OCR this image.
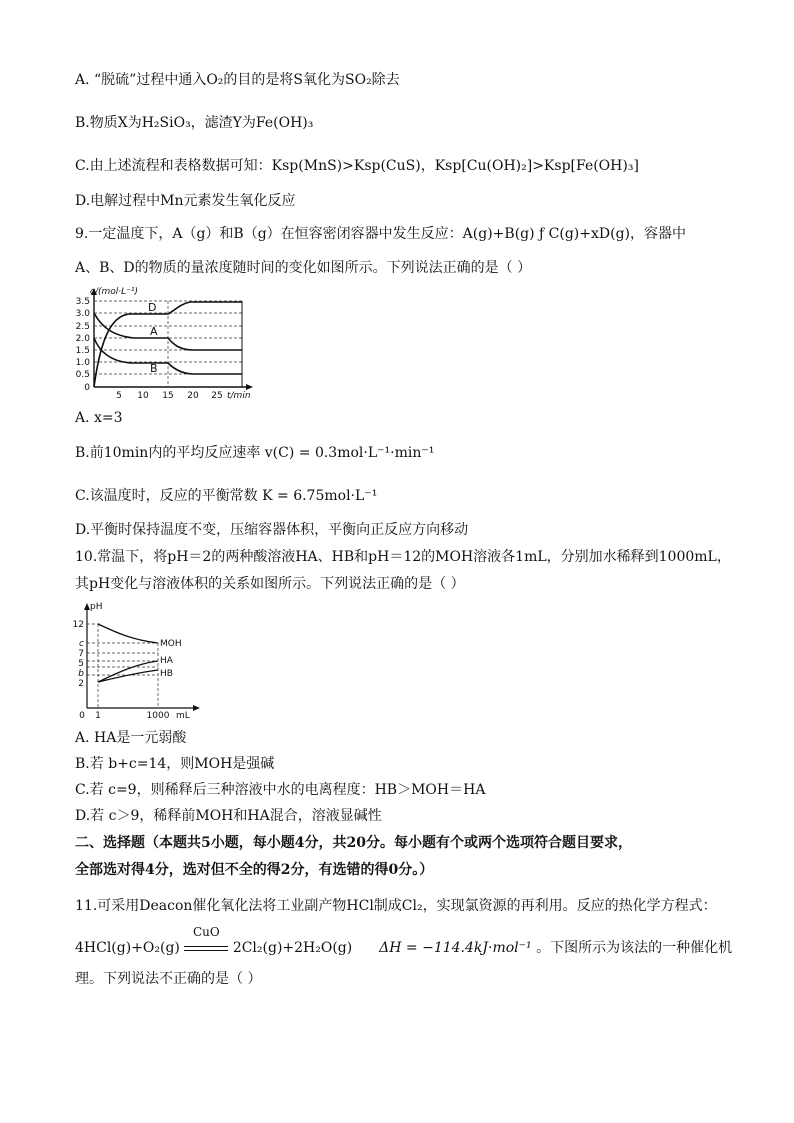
A. “脱硫”过程中通入O₂的目的是将S氧化为SO₂除去
B.物质X为H₂SiO₃，滤渣Y为Fe(OH)₃
C.由上述流程和表格数据可知：Ksp(MnS)>Ksp(CuS)，Ksp[Cu(OH)₂]>Ksp[Fe(OH)₃]
D.电解过程中Mn元素发生氧化反应
9.一定温度下，A（g）和B（g）在恒容密闭容器中发生反应：A(g)+B(g) ƒ C(g)+xD(g)，容器中
A、B、D的物质的量浓度随时间的变化如图所示。下列说法正确的是（ ）
3.5
3.0
2.5
2.0
1.5
1.0
0.5
0
5 10 15 20 25 t/min
c/(mol·L⁻¹)
D
A
B
A. x=3
B.前10min内的平均反应速率 v(C) = 0.3mol·L⁻¹·min⁻¹
C.该温度时，反应的平衡常数 K = 6.75mol·L⁻¹
D.平衡时保持温度不变，压缩容器体积，平衡向正反应方向移动
10.常温下，将pH＝2的两种酸溶液HA、HB和pH＝12的MOH溶液各1mL，分别加水稀释到1000mL，
其pH变化与溶液体积的关系如图所示。下列说法正确的是（ ）
12
c
7
5
b
2
0 1	1000 mL
pH
MOH
HA
HB
A. HA是一元弱酸
B.若 b+c=14，则MOH是强碱
C.若 c=9，则稀释后三种溶液中水的电离程度：HB＞MOH＝HA
D.若 c＞9，稀释前MOH和HA混合，溶液显碱性
二、选择题（本题共5小题，每小题4分，共20分。每小题有个或两个选项符合题目要求，
全部选对得4分，选对但不全的得2分，有选错的得0分。）
11.可采用Deacon催化氧化法将工业副产物HCl制成Cl₂，实现氯资源的再利用。反应的热化学方程式：
4HCl(g)+O₂(g)
CuO
2Cl₂(g)+2H₂O(g) ΔH = −114.4kJ·mol⁻¹ 。下图所示为该法的一种催化机
理。下列说法不正确的是（ ）
